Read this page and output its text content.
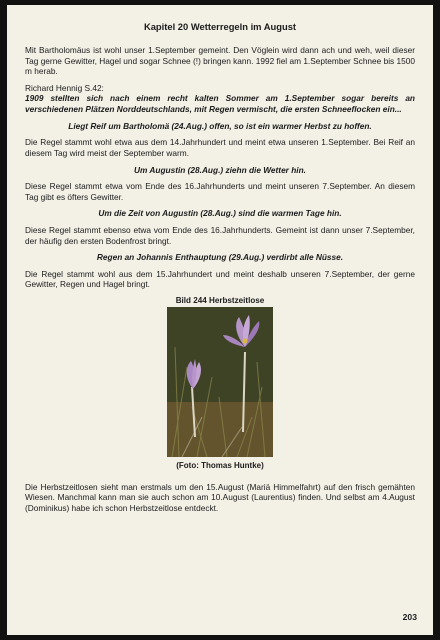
Kapitel 20 Wetterregeln im August

Mit Bartholomäus ist wohl unser 1.September gemeint. Den Vöglein wird dann ach und weh, weil dieser Tag gerne Gewitter, Hagel und sogar Schnee (!) bringen kann. 1992 fiel am 1.September Schnee bis 1500 m herab.

Richard Hennig S.42:
1909 stellten sich nach einem recht kalten Sommer am 1.September sogar bereits an verschiedenen Plätzen Norddeutschlands, mit Regen vermischt, die ersten Schneeflocken ein...
Liegt Reif um Bartholomä (24.Aug.) offen, so ist ein warmer Herbst zu hoffen.

Die Regel stammt wohl etwa aus dem 14.Jahrhundert und meint etwa unseren 1.September. Bei Reif an diesem Tag wird meist der September warm.

Um Augustin (28.Aug.) ziehn die Wetter hin.

Diese Regel stammt etwa vom Ende des 16.Jahrhunderts und meint unseren 7.September. An diesem Tag gibt es öfters Gewitter.

Um die Zeit von Augustin (28.Aug.) sind die warmen Tage hin.

Diese Regel stammt ebenso etwa vom Ende des 16.Jahrhunderts. Gemeint ist dann unser 7.September, der häufig den ersten Bodenfrost bringt.

Regen an Johannis Enthauptung (29.Aug.) verdirbt alle Nüsse.

Die Regel stammt wohl aus dem 15.Jahrhundert und meint deshalb unseren 7.September, der gerne Gewitter, Regen und Hagel bringt.

Bild 244 Herbstzeitlose
(Foto: Thomas Huntke)

Die Herbstzeitlosen sieht man erstmals um den 15.August (Mariä Himmelfahrt) auf den frisch gemähten Wiesen. Manchmal kann man sie auch schon am 10.August (Laurentius) finden. Und selbst am 4.August (Dominikus) habe ich schon Herbstzeitlose entdeckt.

203
